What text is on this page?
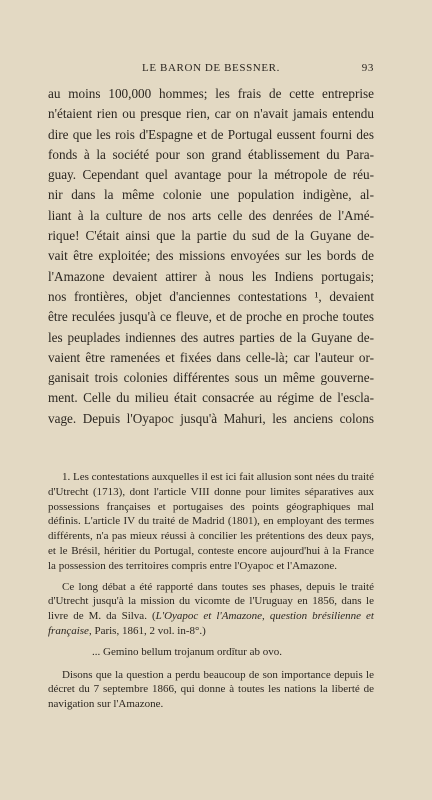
LE BARON DE BESSNER.	93
au moins 100,000 hommes; les frais de cette entreprise
n'étaient rien ou presque rien, car on n'avait jamais entendu
dire que les rois d'Espagne et de Portugal eussent fourni des
fonds à la société pour son grand établissement du Para-
guay. Cependant quel avantage pour la métropole de réu-
nir dans la même colonie une population indigène, al-
liant à la culture de nos arts celle des denrées de l'Amé-
rique! C'était ainsi que la partie du sud de la Guyane de-
vait être exploitée; des missions envoyées sur les bords de
l'Amazone devaient attirer à nous les Indiens portugais;
nos frontières, objet d'anciennes contestations ¹, devaient
être reculées jusqu'à ce fleuve, et de proche en proche toutes
les peuplades indiennes des autres parties de la Guyane de-
vaient être ramenées et fixées dans celle-là; car l'auteur or-
ganisait trois colonies différentes sous un même gouverne-
ment. Celle du milieu était consacrée au régime de l'escla-
vage. Depuis l'Oyapoc jusqu'à Mahuri, les anciens colons

1. Les contestations auxquelles il est ici fait allusion sont nées du traité d'Utrecht (1713), dont l'article VIII donne pour limites séparatives aux possessions françaises et portugaises des points géographiques mal définis. L'article IV du traité de Madrid (1801), en employant des termes différents, n'a pas mieux réussi à concilier les prétentions des deux pays, et le Brésil, héritier du Portugal, conteste encore aujourd'hui à la France la possession des territoires compris entre l'Oyapoc et l'Amazone.

Ce long débat a été rapporté dans toutes ses phases, depuis le traité d'Utrecht jusqu'à la mission du vicomte de l'Uruguay en 1856, dans le livre de M. da Silva. (L'Oyapoc et l'Amazone, question brésilienne et française, Paris, 1861, 2 vol. in-8°.)

... Gemino bellum trojanum ordītur ab ovo.

Disons que la question a perdu beaucoup de son importance depuis le décret du 7 septembre 1866, qui donne à toutes les nations la liberté de navigation sur l'Amazone.
